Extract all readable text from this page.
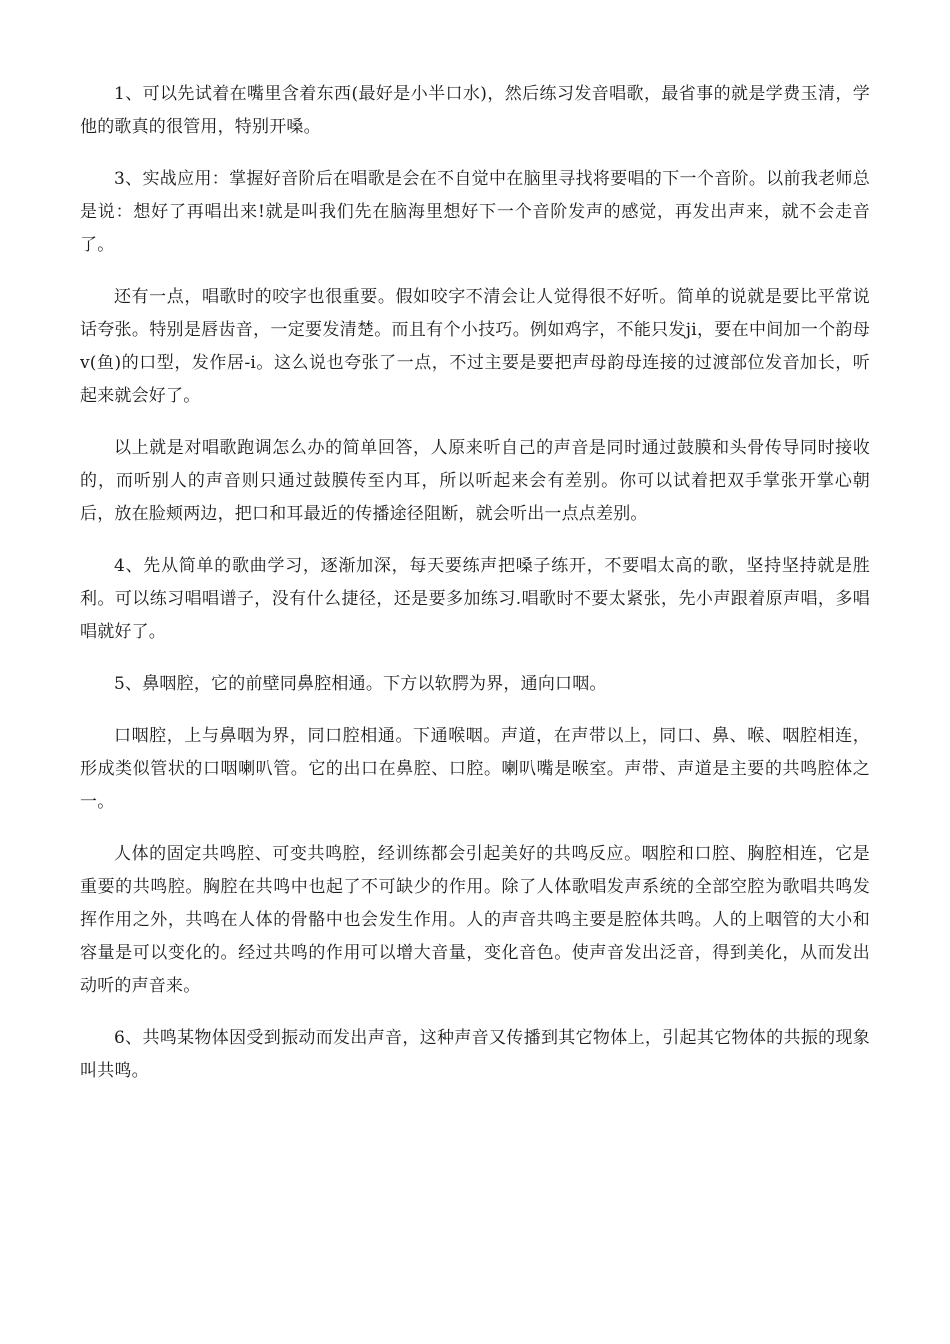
1、可以先试着在嘴里含着东西(最好是小半口水)，然后练习发音唱歌，最省事的就是学费玉清，学他的歌真的很管用，特别开嗓。

3、实战应用：掌握好音阶后在唱歌是会在不自觉中在脑里寻找将要唱的下一个音阶。以前我老师总是说：想好了再唱出来!就是叫我们先在脑海里想好下一个音阶发声的感觉，再发出声来，就不会走音了。

还有一点，唱歌时的咬字也很重要。假如咬字不清会让人觉得很不好听。简单的说就是要比平常说话夸张。特别是唇齿音，一定要发清楚。而且有个小技巧。例如鸡字，不能只发ji，要在中间加一个韵母v(鱼)的口型，发作居-i。这么说也夸张了一点，不过主要是要把声母韵母连接的过渡部位发音加长，听起来就会好了。

以上就是对唱歌跑调怎么办的简单回答，人原来听自己的声音是同时通过鼓膜和头骨传导同时接收的，而听别人的声音则只通过鼓膜传至内耳，所以听起来会有差别。你可以试着把双手掌张开掌心朝后，放在脸颊两边，把口和耳最近的传播途径阻断，就会听出一点点差别。

4、先从简单的歌曲学习，逐渐加深，每天要练声把嗓子练开，不要唱太高的歌，坚持坚持就是胜利。可以练习唱唱谱子，没有什么捷径，还是要多加练习.唱歌时不要太紧张，先小声跟着原声唱，多唱唱就好了。

5、鼻咽腔，它的前壁同鼻腔相通。下方以软腭为界，通向口咽。

口咽腔，上与鼻咽为界，同口腔相通。下通喉咽。声道，在声带以上，同口、鼻、喉、咽腔相连，形成类似管状的口咽喇叭管。它的出口在鼻腔、口腔。喇叭嘴是喉室。声带、声道是主要的共鸣腔体之一。

人体的固定共鸣腔、可变共鸣腔，经训练都会引起美好的共鸣反应。咽腔和口腔、胸腔相连，它是重要的共鸣腔。胸腔在共鸣中也起了不可缺少的作用。除了人体歌唱发声系统的全部空腔为歌唱共鸣发挥作用之外，共鸣在人体的骨骼中也会发生作用。人的声音共鸣主要是腔体共鸣。人的上咽管的大小和容量是可以变化的。经过共鸣的作用可以增大音量，变化音色。使声音发出泛音，得到美化，从而发出动听的声音来。

6、共鸣某物体因受到振动而发出声音，这种声音又传播到其它物体上，引起其它物体的共振的现象叫共鸣。
